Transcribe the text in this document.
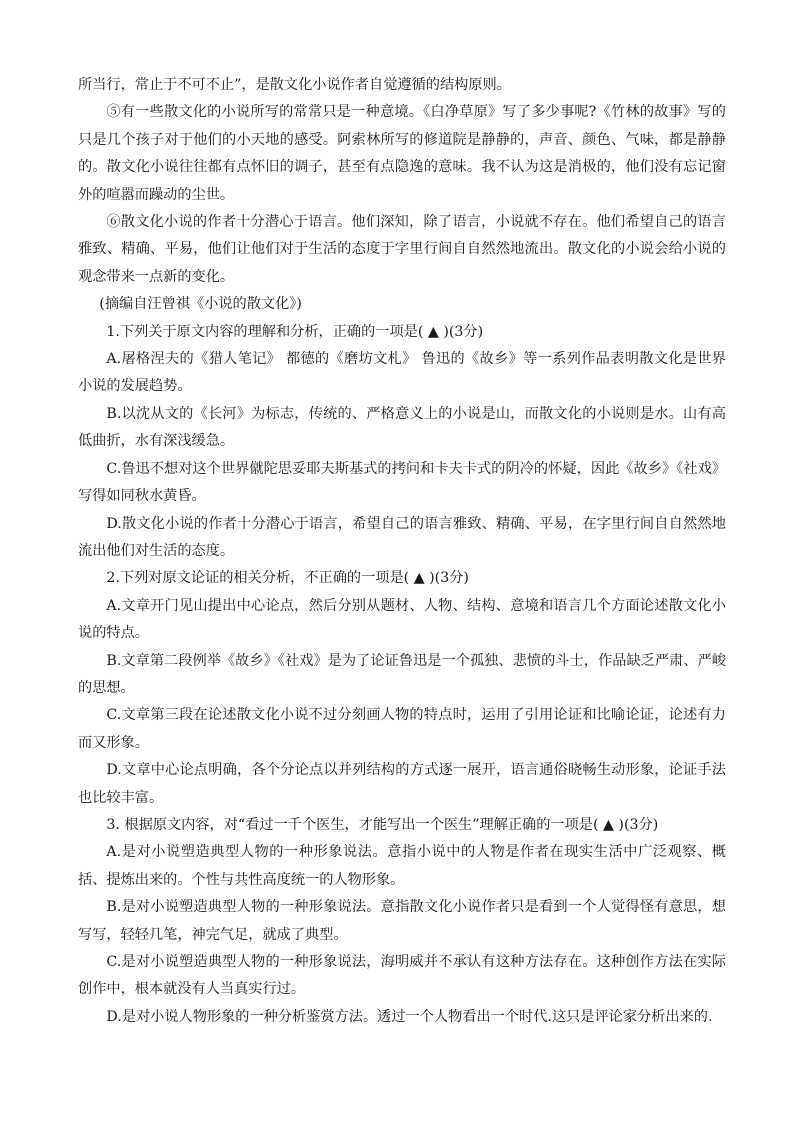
所当行，常止于不可不止”，是散文化小说作者自觉遵循的结构原则。

⑤有一些散文化的小说所写的常常只是一种意境。《白净草原》写了多少事呢?《竹林的故事》写的只是几个孩子对于他们的小天地的感受。阿索林所写的修道院是静静的，声音、颜色、气味，都是静静的。散文化小说往往都有点怀旧的调子，甚至有点隐逸的意味。我不认为这是消极的，他们没有忘记窗外的喧嚣而躁动的尘世。

⑥散文化小说的作者十分潜心于语言。他们深知，除了语言，小说就不存在。他们希望自己的语言雅致、精确、平易，他们让他们对于生活的态度于字里行间自自然然地流出。散文化的小说会给小说的观念带来一点新的变化。

(摘编自汪曾祺《小说的散文化》)

1.下列关于原文内容的理解和分析，正确的一项是( ▲ )(3分)

A.屠格涅夫的《猎人笔记》 都德的《磨坊文札》 鲁迅的《故乡》等一系列作品表明散文化是世界小说的发展趋势。

B.以沈从文的《长河》为标志，传统的、严格意义上的小说是山，而散文化的小说则是水。山有高低曲折，水有深浅缓急。

C.鲁迅不想对这个世界僦陀思妥耶夫斯基式的拷问和卡夫卡式的阴冷的怀疑，因此《故乡》《社戏》写得如同秋水黄昏。

D.散文化小说的作者十分潜心于语言，希望自己的语言雅致、精确、平易，在字里行间自自然然地流出他们对生活的态度。

2.下列对原文论证的相关分析，不正确的一项是( ▲ )(3分)

A.文章开门见山提出中心论点，然后分别从题材、人物、结构、意境和语言几个方面论述散文化小说的特点。

B.文章第二段例举《故乡》《社戏》是为了论证鲁迅是一个孤独、悲愤的斗士，作品缺乏严肃、严峻的思想。

C.文章第三段在论述散文化小说不过分刻画人物的特点时，运用了引用论证和比喻论证，论述有力而又形象。

D.文章中心论点明确，各个分论点以并列结构的方式逐一展开，语言通俗晓畅生动形象，论证手法也比较丰富。

3. 根据原文内容，对“看过一千个医生，才能写出一个医生”理解正确的一项是( ▲ )(3分)

A.是对小说塑造典型人物的一种形象说法。意指小说中的人物是作者在现实生活中广泛观察、概括、提炼出来的。个性与共性高度统一的人物形象。

B.是对小说塑造典型人物的一种形象说法。意指散文化小说作者只是看到一个人觉得怪有意思，想写写，轻轻几笔，神完气足，就成了典型。

C.是对小说塑造典型人物的一种形象说法，海明威并不承认有这种方法存在。这种创作方法在实际创作中，根本就没有人当真实行过。

D.是对小说人物形象的一种分析鉴赏方法。透过一个人物看出一个时代.这只是评论家分析出来的.
